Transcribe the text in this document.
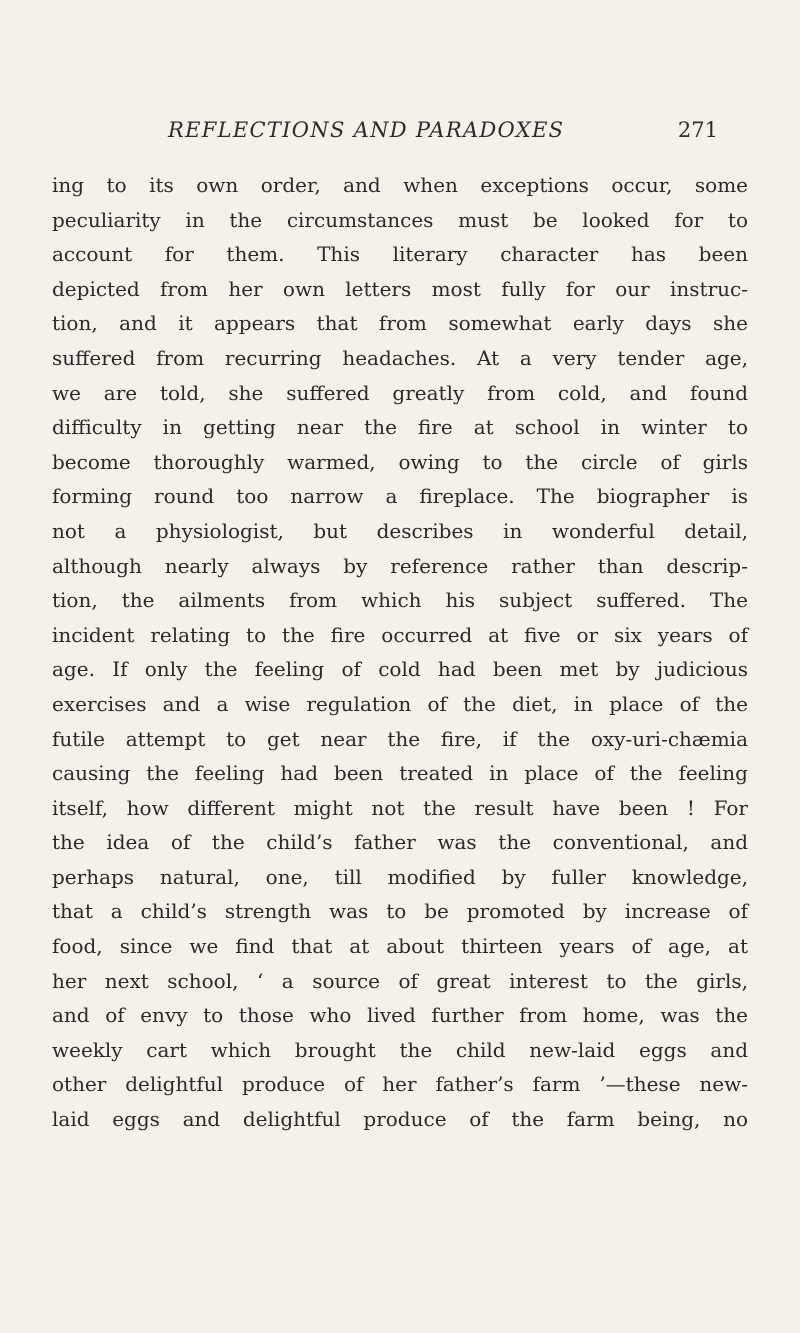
REFLECTIONS AND PARADOXES	271
ing to its own order, and when exceptions occur, some
peculiarity in the circumstances must be looked for to
account for them. This literary character has been
depicted from her own letters most fully for our instruc-
tion, and it appears that from somewhat early days she
suffered from recurring headaches. At a very tender age,
we are told, she suffered greatly from cold, and found
difficulty in getting near the fire at school in winter to
become thoroughly warmed, owing to the circle of girls
forming round too narrow a fireplace. The biographer is
not a physiologist, but describes in wonderful detail,
although nearly always by reference rather than descrip-
tion, the ailments from which his subject suffered. The
incident relating to the fire occurred at five or six years of
age. If only the feeling of cold had been met by judicious
exercises and a wise regulation of the diet, in place of the
futile attempt to get near the fire, if the oxy-uri-chæmia
causing the feeling had been treated in place of the feeling
itself, how different might not the result have been ! For
the idea of the child’s father was the conventional, and
perhaps natural, one, till modified by fuller knowledge,
that a child’s strength was to be promoted by increase of
food, since we find that at about thirteen years of age, at
her next school, ‘ a source of great interest to the girls,
and of envy to those who lived further from home, was the
weekly cart which brought the child new-laid eggs and
other delightful produce of her father’s farm ’—these new-
laid eggs and delightful produce of the farm being, no
